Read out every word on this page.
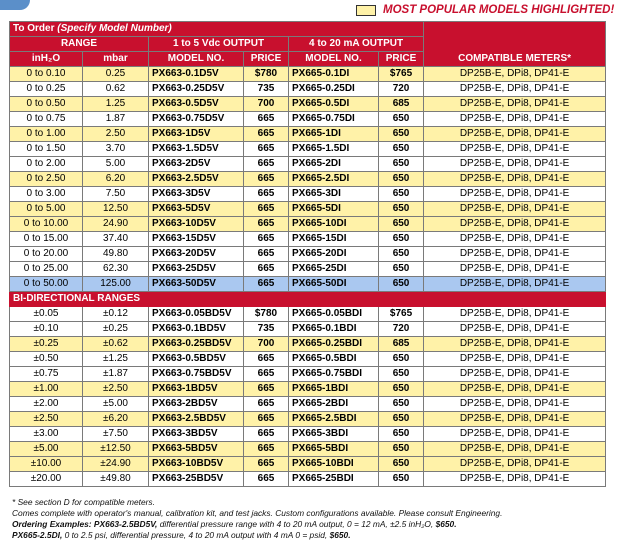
MOST POPULAR MODELS HIGHLIGHTED!
To Order (Specify Model Number)						COMPATIBLE METERS*
RANGE		1 to 5 Vdc OUTPUT		4 to 20 mA OUTPUT		
inH₂O	mbar	MODEL NO.	PRICE	MODEL NO.	PRICE	
0 to 0.10	0.25	PX663-0.1D5V	$780	PX665-0.1DI	$765	DP25B-E, DPi8, DP41-E
0 to 0.25	0.62	PX663-0.25D5V	735	PX665-0.25DI	720	DP25B-E, DPi8, DP41-E
0 to 0.50	1.25	PX663-0.5D5V	700	PX665-0.5DI	685	DP25B-E, DPi8, DP41-E
0 to 0.75	1.87	PX663-0.75D5V	665	PX665-0.75DI	650	DP25B-E, DPi8, DP41-E
0 to 1.00	2.50	PX663-1D5V	665	PX665-1DI	650	DP25B-E, DPi8, DP41-E
0 to 1.50	3.70	PX663-1.5D5V	665	PX665-1.5DI	650	DP25B-E, DPi8, DP41-E
0 to 2.00	5.00	PX663-2D5V	665	PX665-2DI	650	DP25B-E, DPi8, DP41-E
0 to 2.50	6.20	PX663-2.5D5V	665	PX665-2.5DI	650	DP25B-E, DPi8, DP41-E
0 to 3.00	7.50	PX663-3D5V	665	PX665-3DI	650	DP25B-E, DPi8, DP41-E
0 to 5.00	12.50	PX663-5D5V	665	PX665-5DI	650	DP25B-E, DPi8, DP41-E
0 to 10.00	24.90	PX663-10D5V	665	PX665-10DI	650	DP25B-E, DPi8, DP41-E
0 to 15.00	37.40	PX663-15D5V	665	PX665-15DI	650	DP25B-E, DPi8, DP41-E
0 to 20.00	49.80	PX663-20D5V	665	PX665-20DI	650	DP25B-E, DPi8, DP41-E
0 to 25.00	62.30	PX663-25D5V	665	PX665-25DI	650	DP25B-E, DPi8, DP41-E
0 to 50.00	125.00	PX663-50D5V	665	PX665-50DI	650	DP25B-E, DPi8, DP41-E
BI-DIRECTIONAL RANGES						
±0.05	±0.12	PX663-0.05BD5V	$780	PX665-0.05BDI	$765	DP25B-E, DPi8, DP41-E
±0.10	±0.25	PX663-0.1BD5V	735	PX665-0.1BDI	720	DP25B-E, DPi8, DP41-E
±0.25	±0.62	PX663-0.25BD5V	700	PX665-0.25BDI	685	DP25B-E, DPi8, DP41-E
±0.50	±1.25	PX663-0.5BD5V	665	PX665-0.5BDI	650	DP25B-E, DPi8, DP41-E
±0.75	±1.87	PX663-0.75BD5V	665	PX665-0.75BDI	650	DP25B-E, DPi8, DP41-E
±1.00	±2.50	PX663-1BD5V	665	PX665-1BDI	650	DP25B-E, DPi8, DP41-E
±2.00	±5.00	PX663-2BD5V	665	PX665-2BDI	650	DP25B-E, DPi8, DP41-E
±2.50	±6.20	PX663-2.5BD5V	665	PX665-2.5BDI	650	DP25B-E, DPi8, DP41-E
±3.00	±7.50	PX663-3BD5V	665	PX665-3BDI	650	DP25B-E, DPi8, DP41-E
±5.00	±12.50	PX663-5BD5V	665	PX665-5BDI	650	DP25B-E, DPi8, DP41-E
±10.00	±24.90	PX663-10BD5V	665	PX665-10BDI	650	DP25B-E, DPi8, DP41-E
±20.00	±49.80	PX663-25BD5V	665	PX665-25BDI	650	DP25B-E, DPi8, DP41-E
* See section D for compatible meters.
Comes complete with operator's manual, calibration kit, and test jacks. Custom configurations available. Please consult Engineering.
Ordering Examples: PX663-2.5BD5V, differential pressure range with 4 to 20 mA output, 0 = 12 mA, ±2.5 inH₂O, $650.
PX665-2.5DI, 0 to 2.5 psi, differential pressure, 4 to 20 mA output with 4 mA 0 = psid, $650.
